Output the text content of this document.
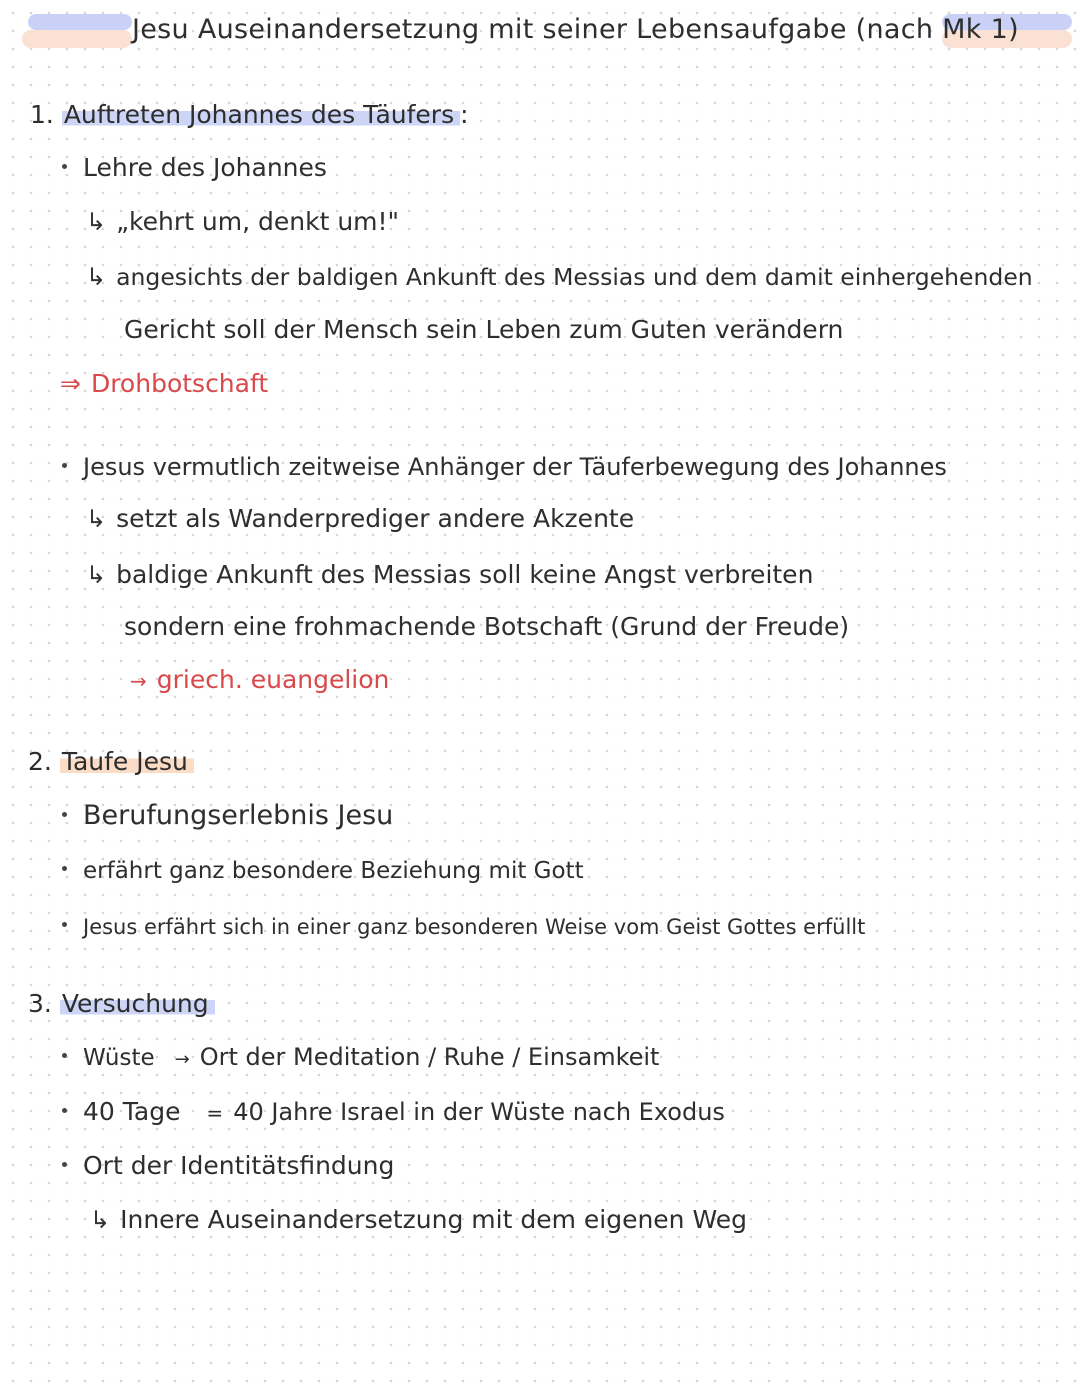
Jesu Auseinandersetzung mit seiner Lebensaufgabe (nach Mk 1)
1. Auftreten Johannes des Täufers :
Lehre des Johannes
↳ „kehrt um, denkt um!"
↳ angesichts der baldigen Ankunft des Messias und dem damit einhergehenden
Gericht soll der Mensch sein Leben zum Guten verändern
⇒ Drohbotschaft
Jesus vermutlich zeitweise Anhänger der Täuferbewegung des Johannes
↳ setzt als Wanderprediger andere Akzente
↳ baldige Ankunft des Messias soll keine Angst verbreiten
sondern eine frohmachende Botschaft (Grund der Freude)
→ griech. euangelion
2. Taufe Jesu
Berufungserlebnis Jesu
erfährt ganz besondere Beziehung mit Gott
Jesus erfährt sich in einer ganz besonderen Weise vom Geist Gottes erfüllt
3. Versuchung
Wüste → Ort der Meditation / Ruhe / Einsamkeit
40 Tage = 40 Jahre Israel in der Wüste nach Exodus
Ort der Identitätsfindung
↳ Innere Auseinandersetzung mit dem eigenen Weg
